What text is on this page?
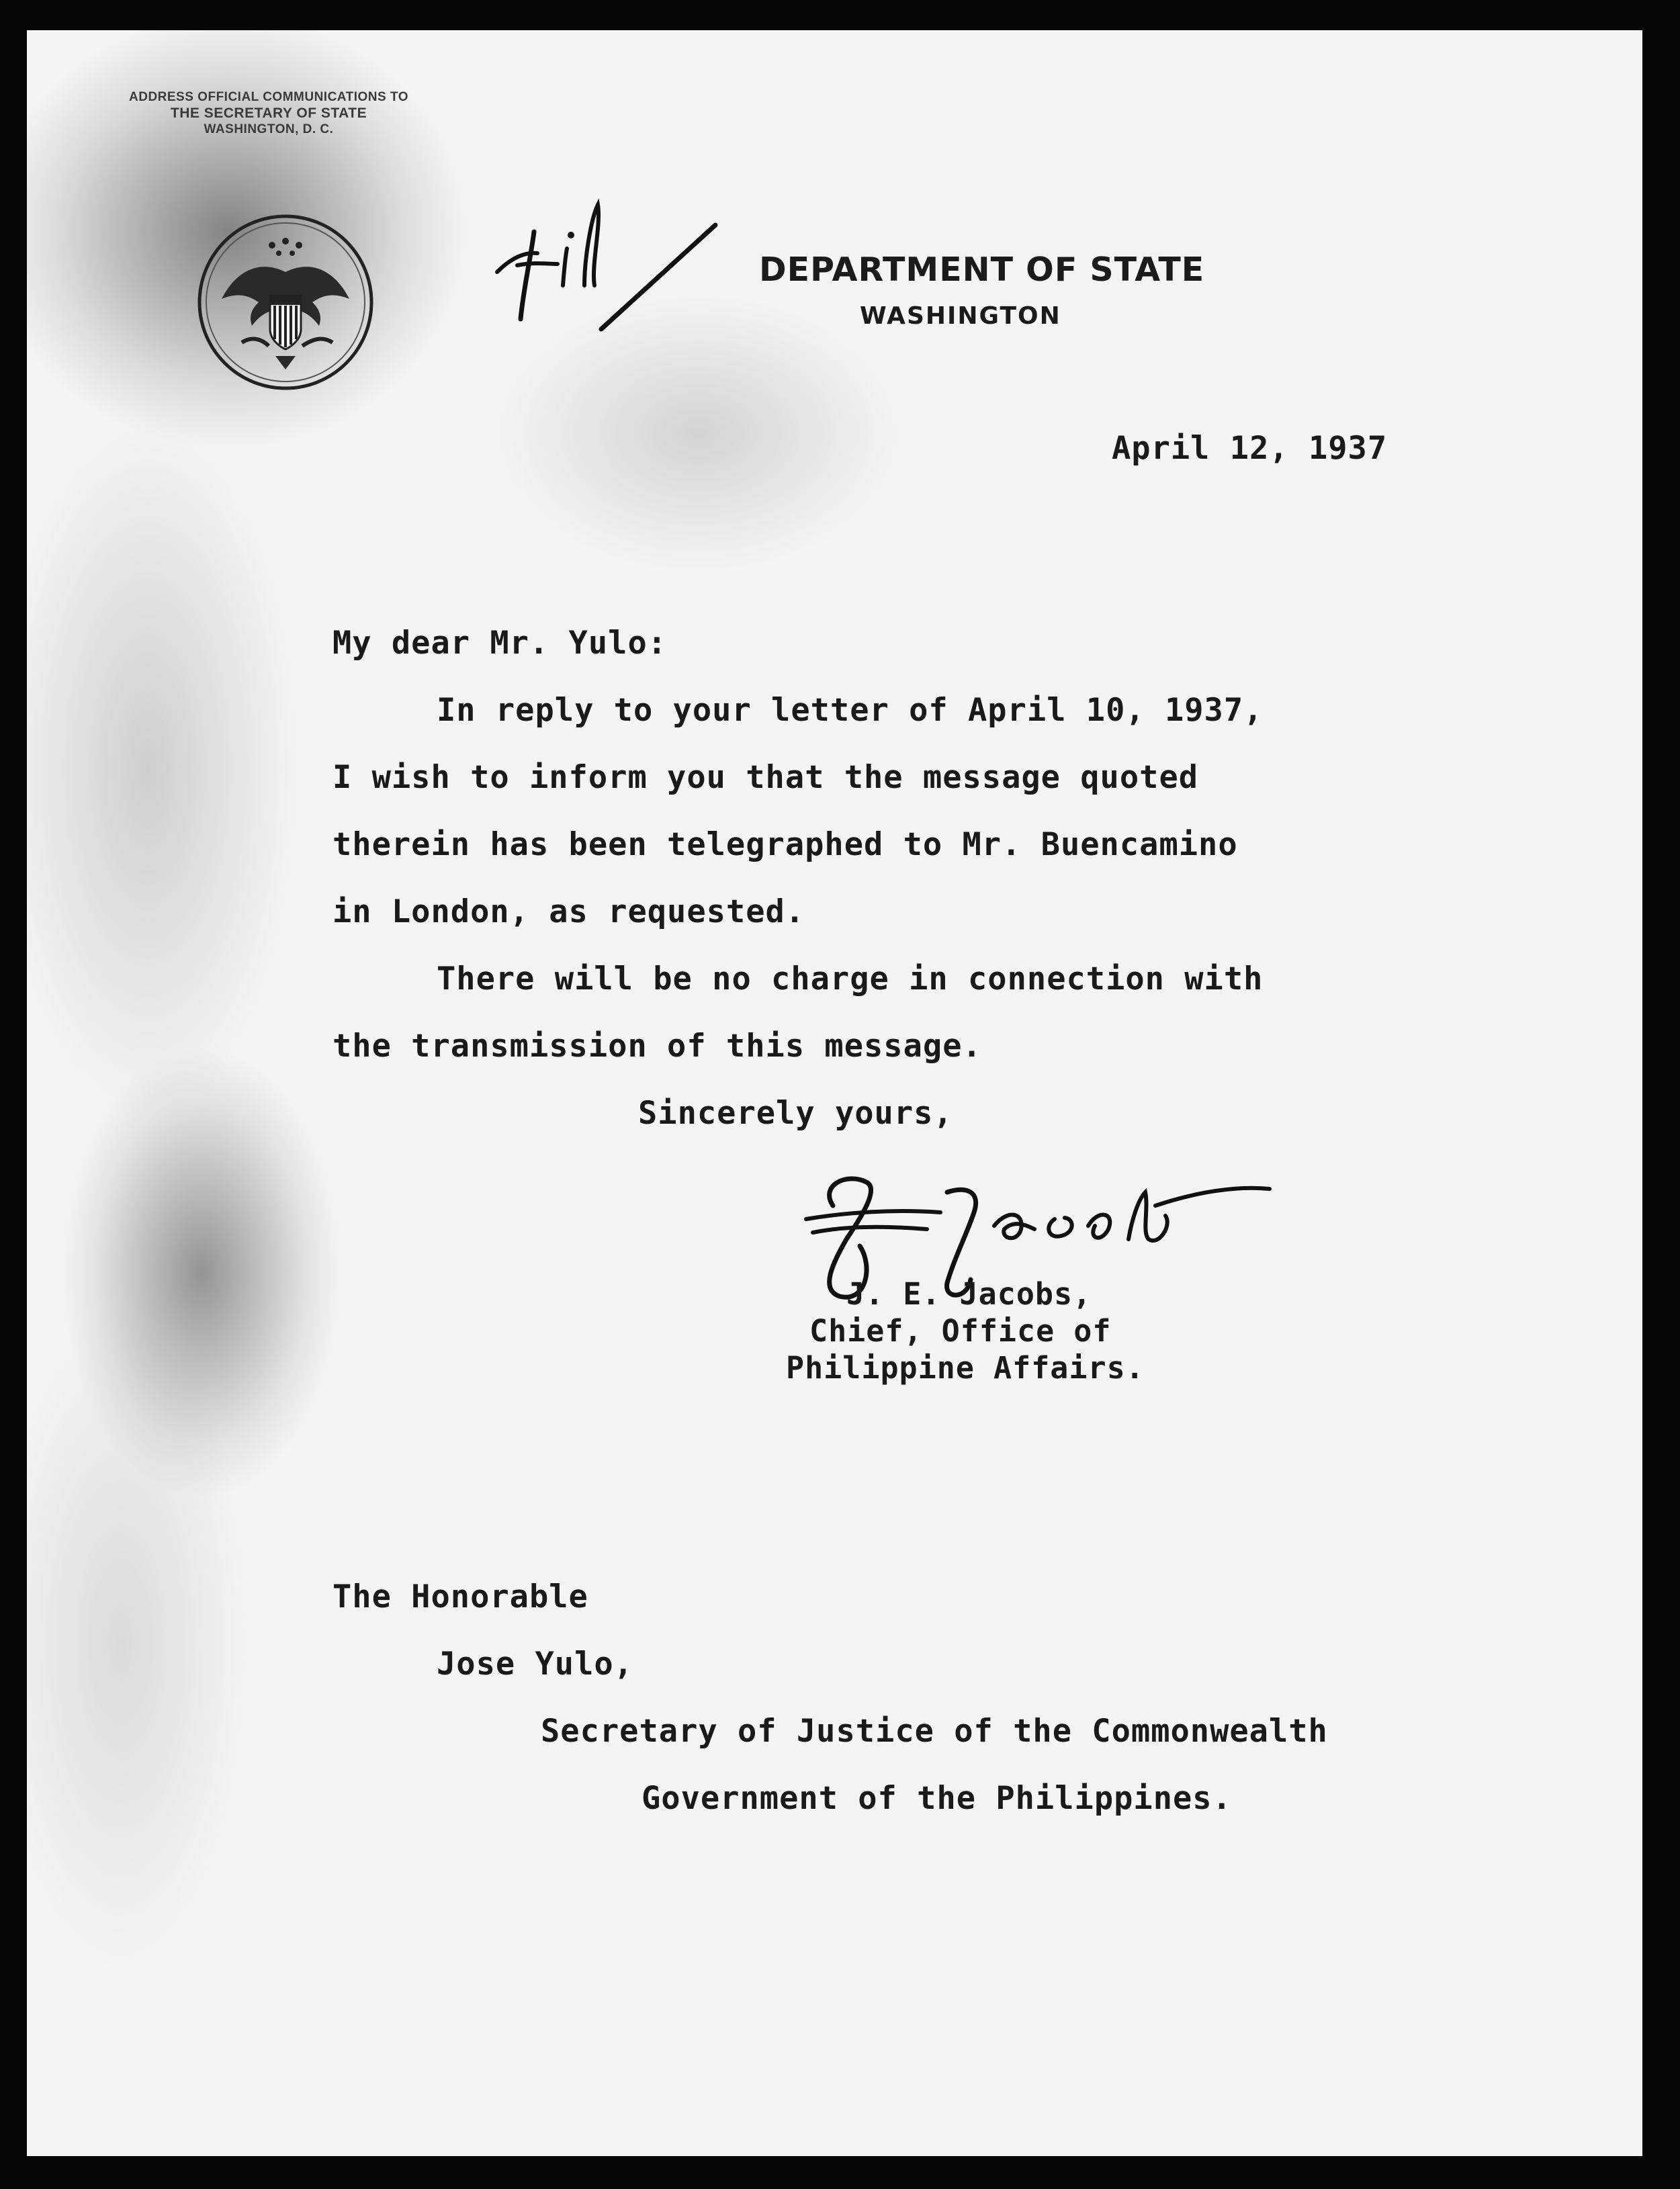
ADDRESS OFFICIAL COMMUNICATIONS TO
THE SECRETARY OF STATE
WASHINGTON, D. C.
DEPARTMENT OF STATE
WASHINGTON
April 12, 1937
My dear Mr. Yulo:
In reply to your letter of April 10, 1937,
I wish to inform you that the message quoted
therein has been telegraphed to Mr. Buencamino
in London, as requested.
There will be no charge in connection with
the transmission of this message.
Sincerely yours,
J. E. Jacobs,
Chief, Office of
Philippine Affairs.
The Honorable
Jose Yulo,
Secretary of Justice of the Commonwealth
Government of the Philippines.
